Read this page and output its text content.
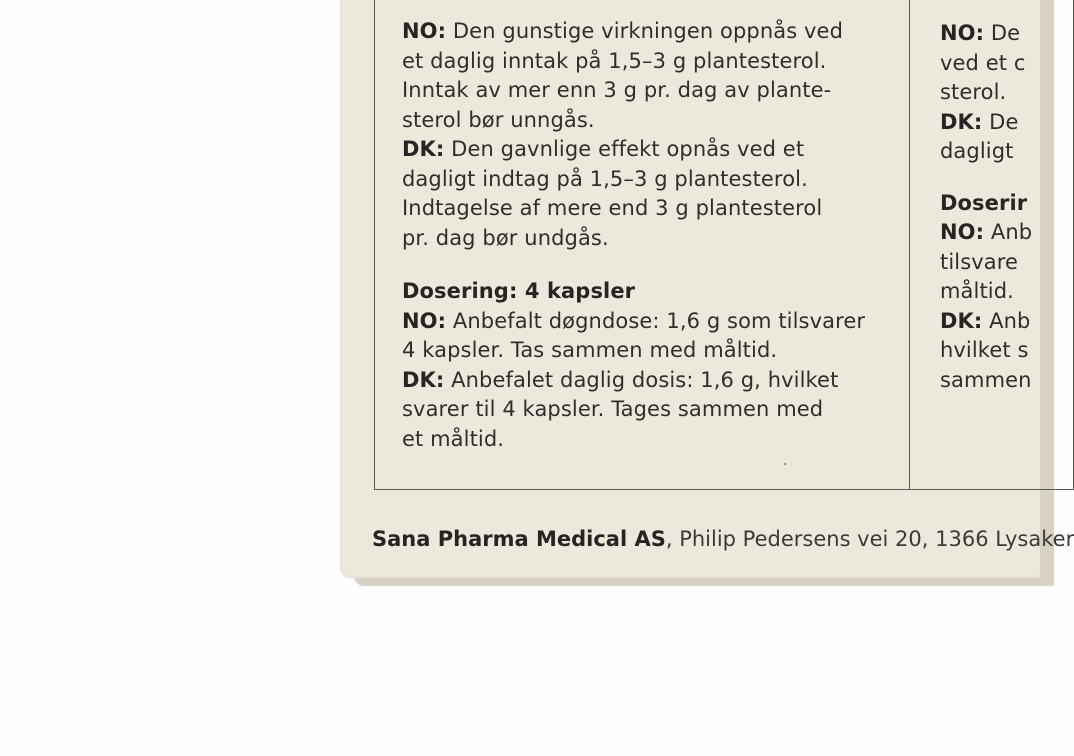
NO: Den gunstige virkningen oppnås ved

et daglig inntak på 1,5–3 g plantesterol.

Inntak av mer enn 3 g pr. dag av plante-

sterol bør unngås.

DK: Den gavnlige effekt opnås ved et

dagligt indtag på 1,5–3 g plantesterol.

Indtagelse af mere end 3 g plantesterol

pr. dag bør undgås.

Dosering: 4 kapsler

NO: Anbefalt døgndose: 1,6 g som tilsvarer

4 kapsler. Tas sammen med måltid.

DK: Anbefalet daglig dosis: 1,6 g, hvilket

svarer til 4 kapsler. Tages sammen med

et måltid.

NO: De

ved et c

sterol.

DK: De

dagligt

Doserir

NO: Anb

tilsvare

måltid.

DK: Anb

hvilket s

sammen

Sana Pharma Medical AS, Philip Pedersens vei 20, 1366 Lysaker
